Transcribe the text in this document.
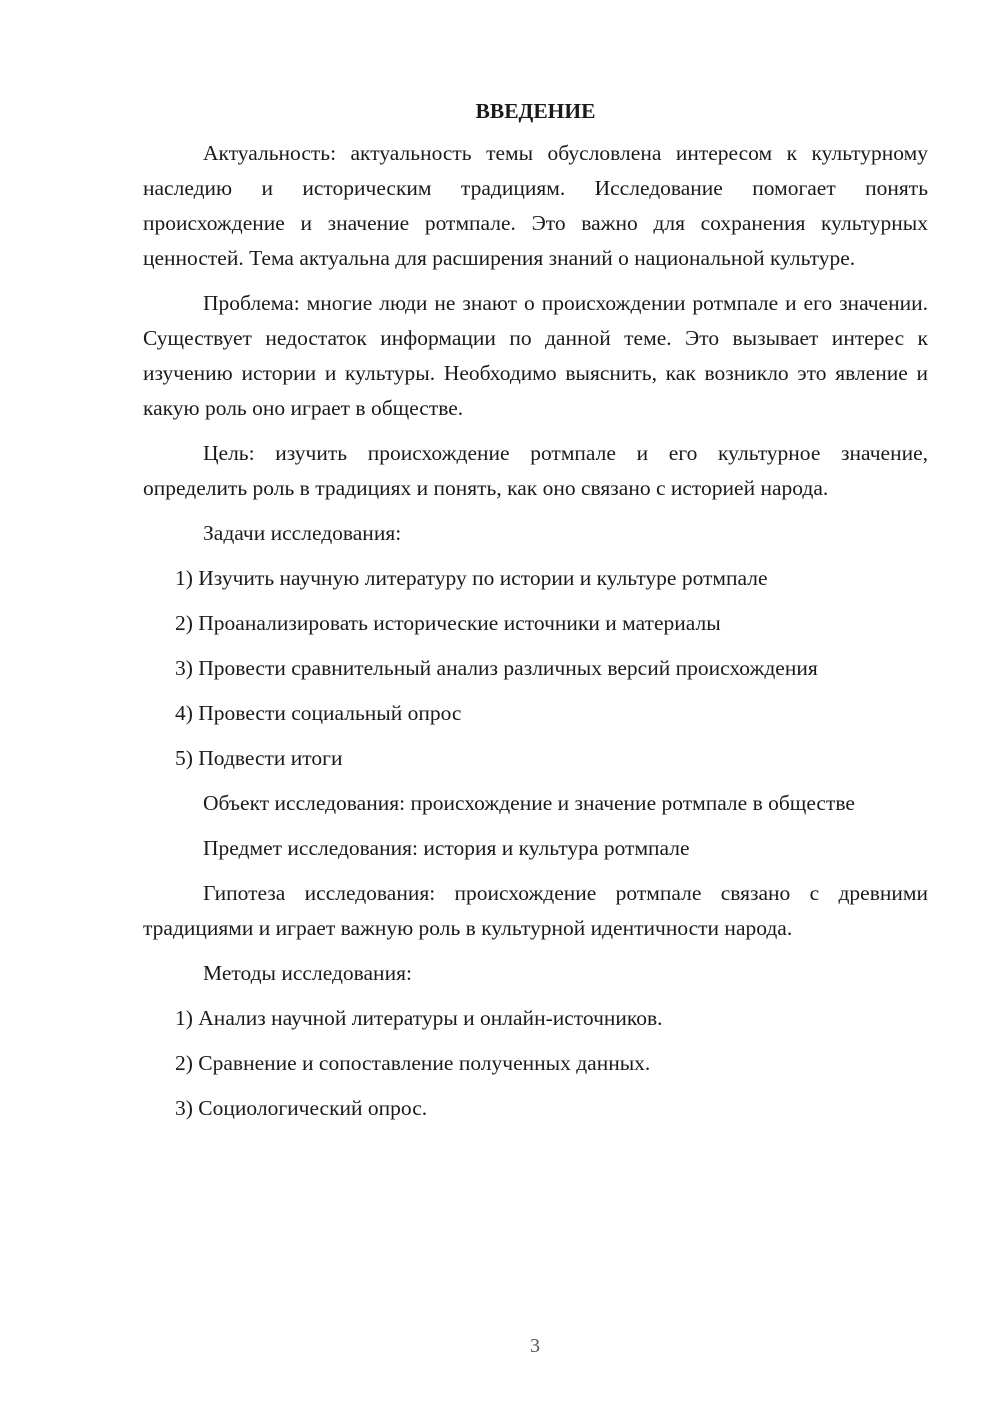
ВВЕДЕНИЕ

Актуальность: актуальность темы обусловлена интересом к культурному наследию и историческим традициям. Исследование помогает понять происхождение и значение ротмпале. Это важно для сохранения культурных ценностей. Тема актуальна для расширения знаний о национальной культуре.

Проблема: многие люди не знают о происхождении ротмпале и его значении. Существует недостаток информации по данной теме. Это вызывает интерес к изучению истории и культуры. Необходимо выяснить, как возникло это явление и какую роль оно играет в обществе.

Цель: изучить происхождение ротмпале и его культурное значение, определить роль в традициях и понять, как оно связано с историей народа.

Задачи исследования:

1) Изучить научную литературу по истории и культуре ротмпале

2) Проанализировать исторические источники и материалы

3) Провести сравнительный анализ различных версий происхождения

4) Провести социальный опрос

5) Подвести итоги

Объект исследования: происхождение и значение ротмпале в обществе

Предмет исследования: история и культура ротмпале

Гипотеза исследования: происхождение ротмпале связано с древними традициями и играет важную роль в культурной идентичности народа.

Методы исследования:

1) Анализ научной литературы и онлайн-источников.

2) Сравнение и сопоставление полученных данных.

3) Социологический опрос.

3
